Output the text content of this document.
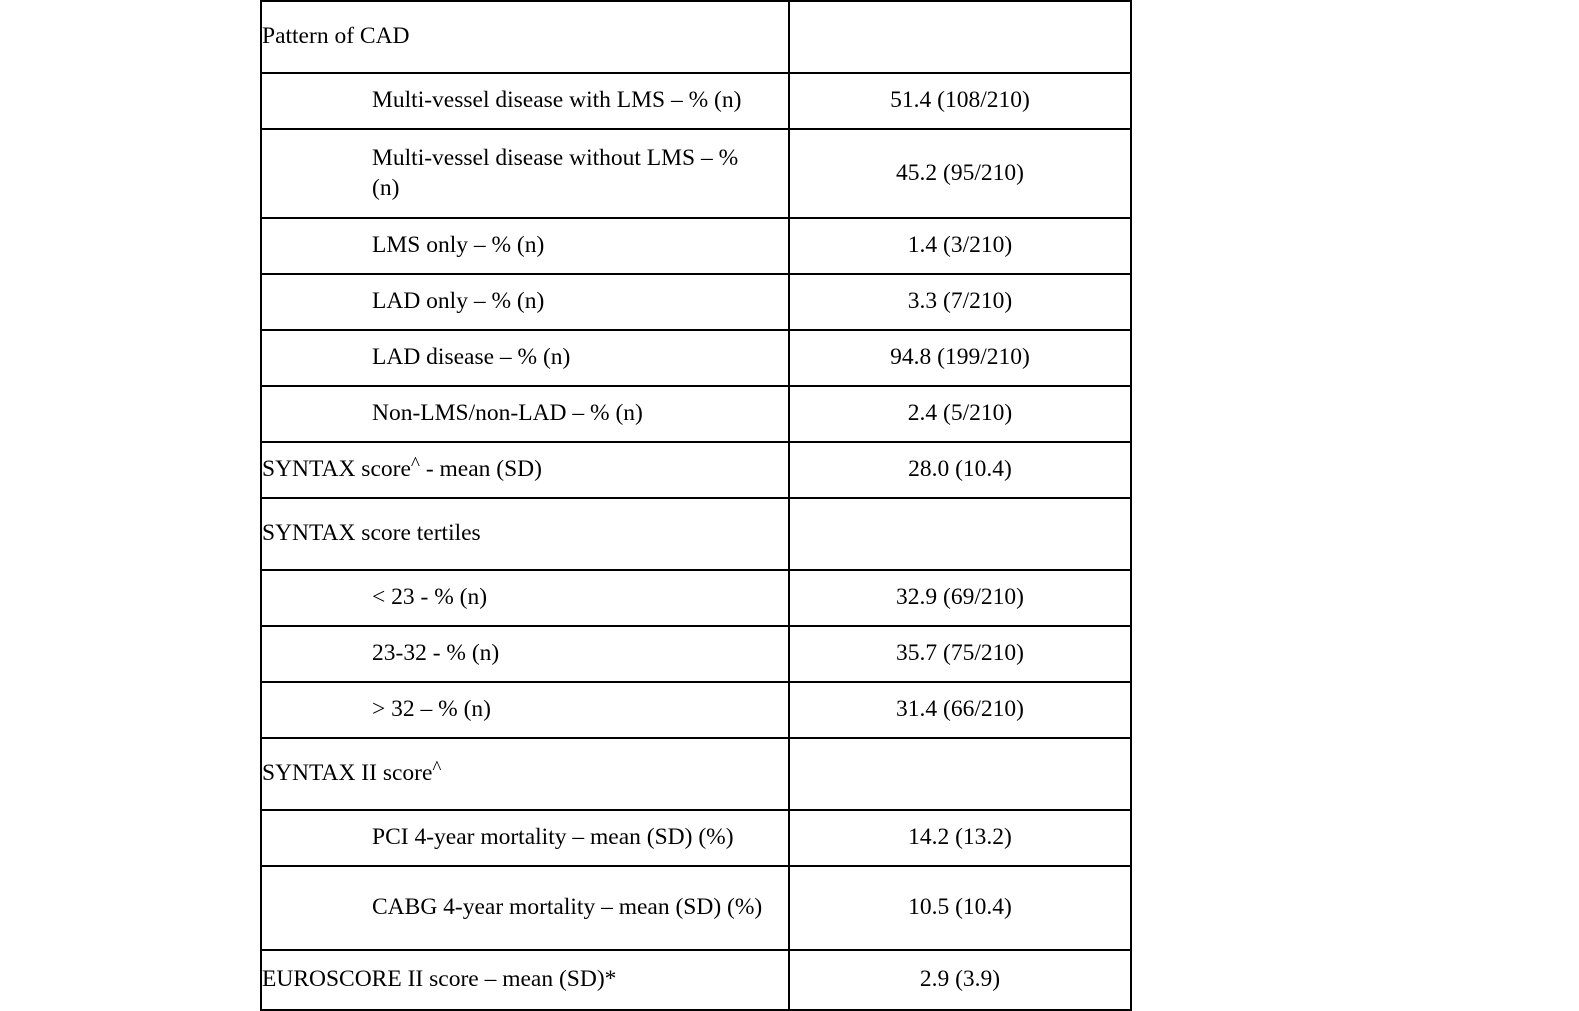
Pattern of CAD	
Multi-vessel disease with LMS – % (n)	51.4 (108/210)
Multi-vessel disease without LMS – % (n)	45.2 (95/210)
LMS only – % (n)	1.4 (3/210)
LAD only – % (n)	3.3 (7/210)
LAD disease – % (n)	94.8 (199/210)
Non-LMS/non-LAD – % (n)	2.4 (5/210)
SYNTAX score^ - mean (SD)	28.0 (10.4)
SYNTAX score tertiles	
< 23 - % (n)	32.9 (69/210)
23-32 - % (n)	35.7 (75/210)
> 32 – % (n)	31.4 (66/210)
SYNTAX II score^	
PCI 4-year mortality – mean (SD) (%)	14.2 (13.2)
CABG 4-year mortality – mean (SD) (%)	10.5 (10.4)
EUROSCORE II score – mean (SD)*	2.9 (3.9)
